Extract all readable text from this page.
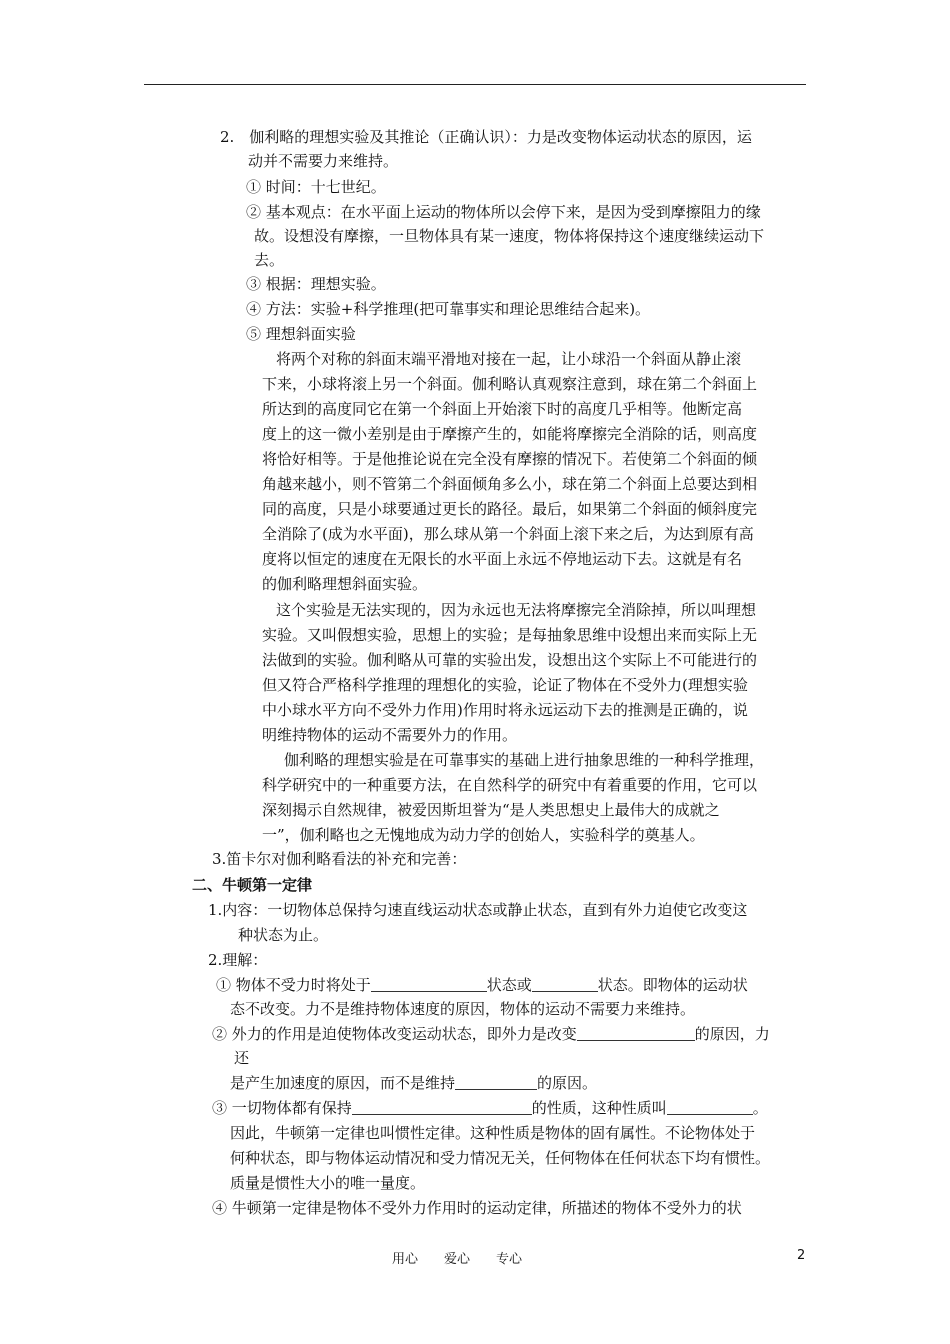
2.　伽利略的理想实验及其推论（正确认识）：力是改变物体运动状态的原因，运
动并不需要力来维持。
① 时间：十七世纪。
② 基本观点：在水平面上运动的物体所以会停下来，是因为受到摩擦阻力的缘
故。设想没有摩擦，一旦物体具有某一速度，物体将保持这个速度继续运动下
去。
③ 根据：理想实验。
④ 方法：实验+科学推理(把可靠事实和理论思维结合起来)。
⑤ 理想斜面实验
将两个对称的斜面末端平滑地对接在一起，让小球沿一个斜面从静止滚
下来，小球将滚上另一个斜面。伽利略认真观察注意到，球在第二个斜面上
所达到的高度同它在第一个斜面上开始滚下时的高度几乎相等。他断定高
度上的这一微小差别是由于摩擦产生的，如能将摩擦完全消除的话，则高度
将恰好相等。于是他推论说在完全没有摩擦的情况下。若使第二个斜面的倾
角越来越小，则不管第二个斜面倾角多么小，球在第二个斜面上总要达到相
同的高度，只是小球要通过更长的路径。最后，如果第二个斜面的倾斜度完
全消除了(成为水平面)，那么球从第一个斜面上滚下来之后，为达到原有高
度将以恒定的速度在无限长的水平面上永远不停地运动下去。这就是有名
的伽利略理想斜面实验。
这个实验是无法实现的，因为永远也无法将摩擦完全消除掉，所以叫理想
实验。又叫假想实验，思想上的实验；是每抽象思维中设想出来而实际上无
法做到的实验。伽利略从可靠的实验出发，设想出这个实际上不可能进行的
但又符合严格科学推理的理想化的实验，论证了物体在不受外力(理想实验
中小球水平方向不受外力作用)作用时将永远运动下去的推测是正确的，说
明维持物体的运动不需要外力的作用。
伽利略的理想实验是在可靠事实的基础上进行抽象思维的一种科学推理，
科学研究中的一种重要方法，在自然科学的研究中有着重要的作用，它可以
深刻揭示自然规律，被爱因斯坦誉为“是人类思想史上最伟大的成就之
一”，伽利略也之无愧地成为动力学的创始人，实验科学的奠基人。
3.笛卡尔对伽利略看法的补充和完善：
二、牛顿第一定律
1.内容：一切物体总保持匀速直线运动状态或静止状态，直到有外力迫使它改变这
种状态为止。
2.理解：
① 物体不受力时将处于	状态或	状态。即物体的运动状
态不改变。力不是维持物体速度的原因，物体的运动不需要力来维持。
② 外力的作用是迫使物体改变运动状态，即外力是改变	的原因，力
还
是产生加速度的原因，而不是维持	的原因。
③ 一切物体都有保持	的性质，这种性质叫	。
因此，牛顿第一定律也叫惯性定律。这种性质是物体的固有属性。不论物体处于
何种状态，即与物体运动情况和受力情况无关，任何物体在任何状态下均有惯性。
质量是惯性大小的唯一量度。
④ 牛顿第一定律是物体不受外力作用时的运动定律，所描述的物体不受外力的状
用心　　爱心　　专心	2
